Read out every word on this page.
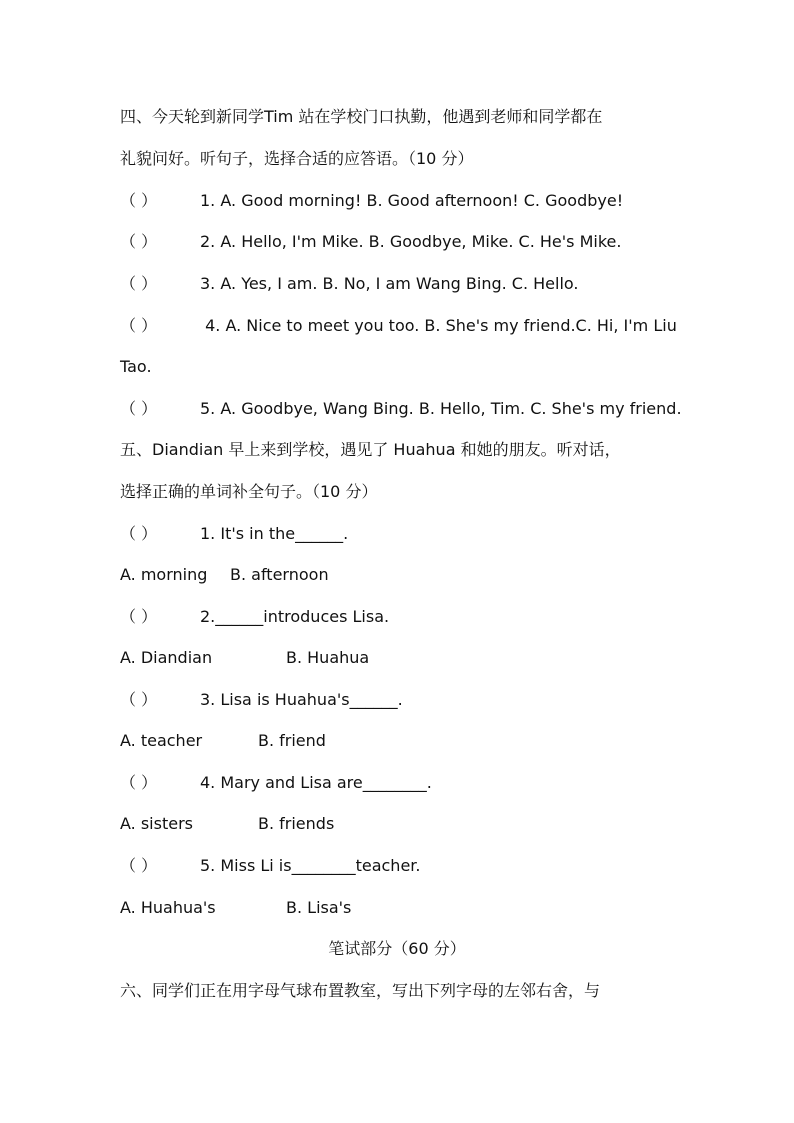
四、今天轮到新同学Tim 站在学校门口执勤，他遇到老师和同学都在
礼貌问好。听句子，选择合适的应答语。（10 分）
（ ）	1. A. Good morning! B. Good afternoon! C. Goodbye!
（ ）	2. A. Hello, I'm Mike. B. Goodbye, Mike. C. He's Mike.
（ ）	3. A. Yes, I am. B. No, I am Wang Bing. C. Hello.
（ ）	4. A. Nice to meet you too. B. She's my friend.C. Hi, I'm Liu
Tao.
（ ）	5. A. Goodbye, Wang Bing. B. Hello, Tim. C. She's my friend.
五、Diandian 早上来到学校，遇见了 Huahua 和她的朋友。听对话，
选择正确的单词补全句子。（10 分）
（ ）	1. It's in the______.
A. morning B. afternoon
（ ）	2.______introduces Lisa.
A. Diandian	B. Huahua
（ ）	3. Lisa is Huahua's______.
A. teacher	B. friend
（ ）	4. Mary and Lisa are________.
A. sisters	B. friends
（ ）	5. Miss Li is________teacher.
A. Huahua's	B. Lisa's
笔试部分（60 分）
六、同学们正在用字母气球布置教室，写出下列字母的左邻右舍，与
